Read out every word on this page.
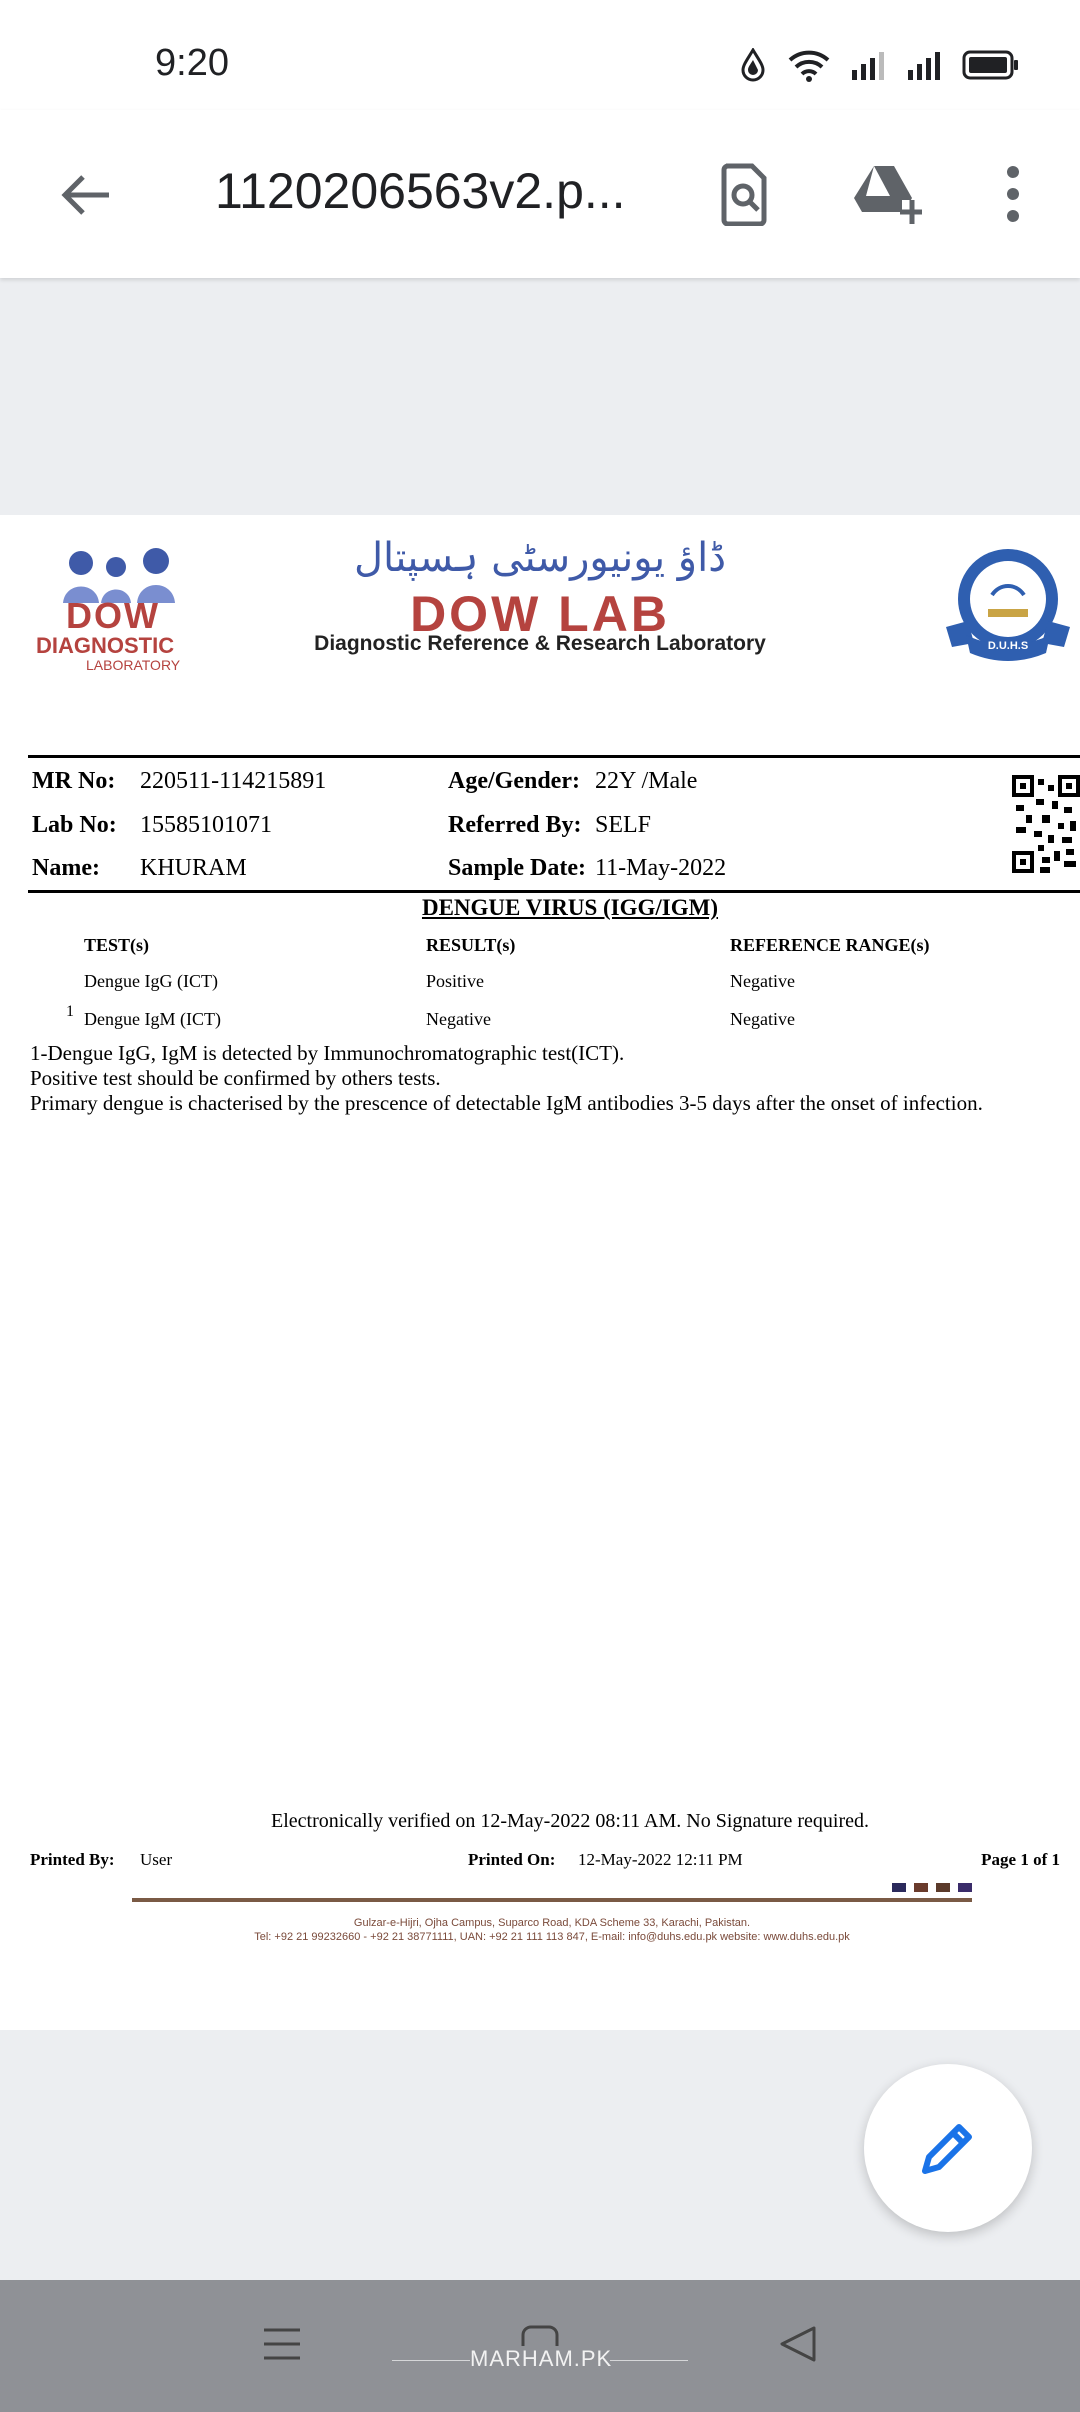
9:20
1120206563v2.p...
DOW
DIAGNOSTIC
LABORATORY
ڈاؤ یونیورسٹی ہسپتال
DOW LAB
Diagnostic Reference & Research Laboratory	D.U.H.S
MR No: 220511-114215891
Lab No: 15585101071
Name: KHURAM
Age/Gender: 22Y /Male
Referred By: SELF
Sample Date: 11-May-2022
DENGUE VIRUS (IGG/IGM)
TEST(s)	RESULT(s)	REFERENCE RANGE(s)
Dengue IgG (ICT)	Positive	Negative
1 Dengue IgM (ICT)	Negative	Negative
1-Dengue IgG, IgM is detected by Immunochromatographic test(ICT).
Positive test should be confirmed by others tests.
Primary dengue is chacterised by the prescence of detectable IgM antibodies 3-5 days after the onset of infection.
Electronically verified on 12-May-2022 08:11 AM. No Signature required.
Printed By: User	Printed On: 12-May-2022 12:11 PM	Page 1 of 1
Gulzar-e-Hijri, Ojha Campus, Suparco Road, KDA Scheme 33, Karachi, Pakistan.
Tel: +92 21 99232660 - +92 21 38771111, UAN: +92 21 111 113 847, E-mail: info@duhs.edu.pk website: www.duhs.edu.pk
MARHAM.PK
